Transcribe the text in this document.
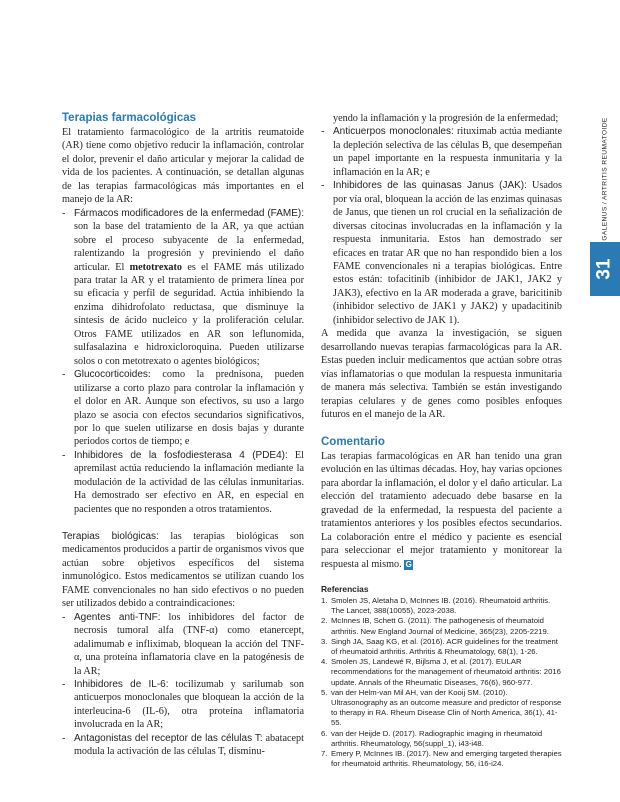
GALENUS / ARTRITIS REUMATOIDE
31
Terapias farmacológicas

El tratamiento farmacológico de la artritis reumatoide (AR) tiene como objetivo reducir la inflamación, controlar el dolor, prevenir el daño articular y mejorar la calidad de vida de los pacientes. A continuación, se detallan algunas de las terapias farmacológicas más importantes en el manejo de la AR:

- Fármacos modificadores de la enfermedad (FAME): son la base del tratamiento de la AR, ya que actúan sobre el proceso subyacente de la enfermedad, ralentizando la progresión y previniendo el daño articular. El metotrexato es el FAME más utilizado para tratar la AR y el tratamiento de primera línea por su eficacia y perfil de seguridad. Actúa inhibiendo la enzima dihidrofolato reductasa, que disminuye la síntesis de ácido nucleico y la proliferación celular. Otros FAME utilizados en AR son leflunomida, sulfasalazina e hidroxicloroquina. Pueden utilizarse solos o con metotrexato o agentes biológicos;
- Glucocorticoides: como la prednisona, pueden utilizarse a corto plazo para controlar la inflamación y el dolor en AR. Aunque son efectivos, su uso a largo plazo se asocia con efectos secundarios significativos, por lo que suelen utilizarse en dosis bajas y durante periodos cortos de tiempo; e
- Inhibidores de la fosfodiesterasa 4 (PDE4): El apremilast actúa reduciendo la inflamación mediante la modulación de la actividad de las células inmunitarias. Ha demostrado ser efectivo en AR, en especial en pacientes que no responden a otros tratamientos.

Terapias biológicas: las terapias biológicas son medicamentos producidos a partir de organismos vivos que actúan sobre objetivos específicos del sistema inmunológico. Estos medicamentos se utilizan cuando los FAME convencionales no han sido efectivos o no pueden ser utilizados debido a contraindicaciones:

- Agentes anti-TNF: los inhibidores del factor de necrosis tumoral alfa (TNF-α) como etanercept, adalimumab e infliximab, bloquean la acción del TNF-α, una proteína inflamatoria clave en la patogénesis de la AR;
- Inhibidores de IL-6: tocilizumab y sarilumab son anticuerpos monoclonales que bloquean la acción de la interleucina-6 (IL-6), otra proteína inflamatoria involucrada en la AR;
- Antagonistas del receptor de las células T: abatacept modula la activación de las células T, disminu-

yendo la inflamación y la progresión de la enfermedad;

- Anticuerpos monoclonales: rituximab actúa mediante la depleción selectiva de las células B, que desempeñan un papel importante en la respuesta inmunitaria y la inflamación en la AR; e
- Inhibidores de las quinasas Janus (JAK): Usados por vía oral, bloquean la acción de las enzimas quinasas de Janus, que tienen un rol crucial en la señalización de diversas citocinas involucradas en la inflamación y la respuesta inmunitaria. Estos han demostrado ser eficaces en tratar AR que no han respondido bien a los FAME convencionales ni a terapias biológicas. Entre estos están: tofacitinib (inhibidor de JAK1, JAK2 y JAK3), efectivo en la AR moderada a grave, baricitinib (inhibidor selectivo de JAK1 y JAK2) y upadacitinib (inhibidor selectivo de JAK 1).

A medida que avanza la investigación, se siguen desarrollando nuevas terapias farmacológicas para la AR. Estas pueden incluir medicamentos que actúan sobre otras vías inflamatorias o que modulan la respuesta inmunitaria de manera más selectiva. También se están investigando terapias celulares y de genes como posibles enfoques futuros en el manejo de la AR.

Comentario

Las terapias farmacológicas en AR han tenido una gran evolución en las últimas décadas. Hoy, hay varias opciones para abordar la inflamación, el dolor y el daño articular. La elección del tratamiento adecuado debe basarse en la gravedad de la enfermedad, la respuesta del paciente a tratamientos anteriores y los posibles efectos secundarios. La colaboración entre el médico y paciente es esencial para seleccionar el mejor tratamiento y monitorear la respuesta al mismo. G

Referencias
1. Smolen JS, Aletaha D, McInnes IB. (2016). Rheumatoid arthritis. The Lancet, 388(10055), 2023-2038.
2. McInnes IB, Schett G. (2011). The pathogenesis of rheumatoid arthritis. New England Journal of Medicine, 365(23), 2205-2219.
3. Singh JA, Saag KG, et al. (2016). ACR guidelines for the treatment of rheumatoid arthritis. Arthritis & Rheumatology, 68(1), 1-26.
4. Smolen JS, Landewé R, Bijlsma J, et al. (2017). EULAR recommendations for the management of rheumatoid arthritis: 2016 update. Annals of the Rheumatic Diseases, 76(6), 960-977.
5. van der Helm-van Mil AH, van der Kooij SM. (2010). Ultrasonography as an outcome measure and predictor of response to therapy in RA. Rheum Disease Clin of North America, 36(1), 41-55.
6. van der Heijde D. (2017). Radiographic imaging in rheumatoid arthritis. Rheumatology, 56(suppl_1), i43-i48.
7. Emery P, McInnes IB. (2017). New and emerging targeted therapies for rheumatoid arthritis. Rheumatology, 56, i16-i24.
